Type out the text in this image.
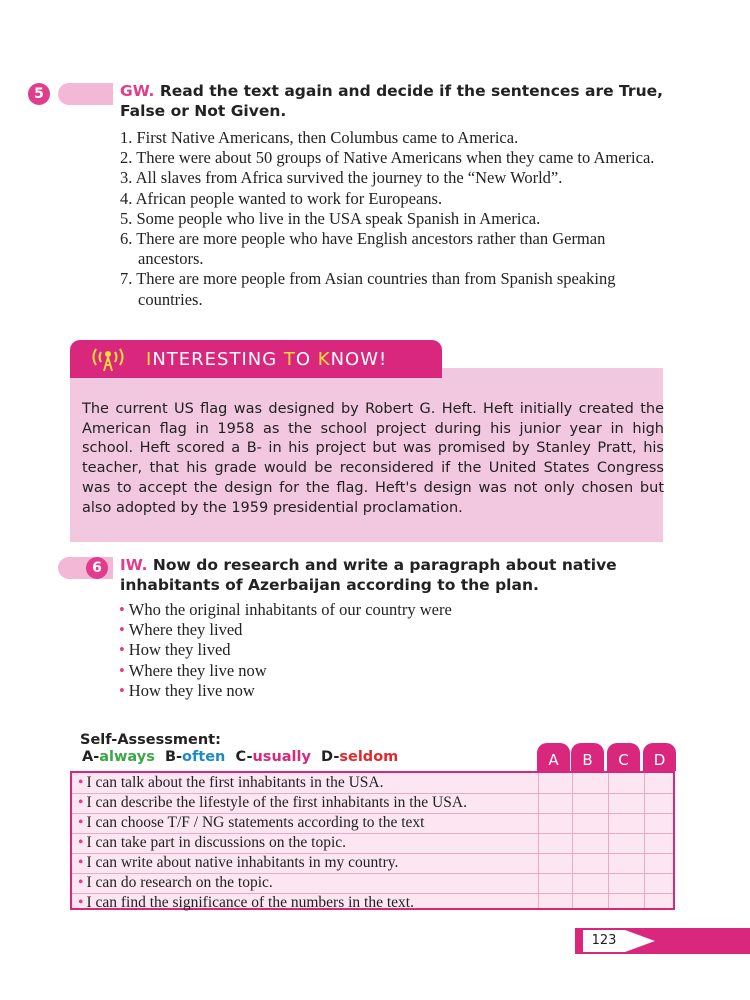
5	GW. Read the text again and decide if the sentences are True, False or Not Given.
1. First Native Americans, then Columbus came to America.
2. There were about 50 groups of Native Americans when they came to America.
3. All slaves from Africa survived the journey to the “New World”.
4. African people wanted to work for Europeans.
5. Some people who live in the USA speak Spanish in America.
6. There are more people who have English ancestors rather than German ancestors.
7. There are more people from Asian countries than from Spanish speaking countries.
INTERESTING TO KNOW!
The current US flag was designed by Robert G. Heft. Heft initially created the American flag in 1958 as the school project during his junior year in high school. Heft scored a B- in his project but was promised by Stanley Pratt, his teacher, that his grade would be reconsidered if the United States Congress was to accept the design for the flag. Heft's design was not only chosen but also adopted by the 1959 presidential proclamation.
6	IW. Now do research and write a paragraph about native inhabitants of Azerbaijan according to the plan.
• Who the original inhabitants of our country were
• Where they lived
• How they lived
• Where they live now
• How they live now
Self-Assessment:
A-always B-often C-usually D-seldom	A	B	C	D
• I can talk about the first inhabitants in the USA.
• I can describe the lifestyle of the first inhabitants in the USA.
• I can choose T/F / NG statements according to the text
• I can take part in discussions on the topic.
• I can write about native inhabitants in my country.
• I can do research on the topic.
• I can find the significance of the numbers in the text.
123
